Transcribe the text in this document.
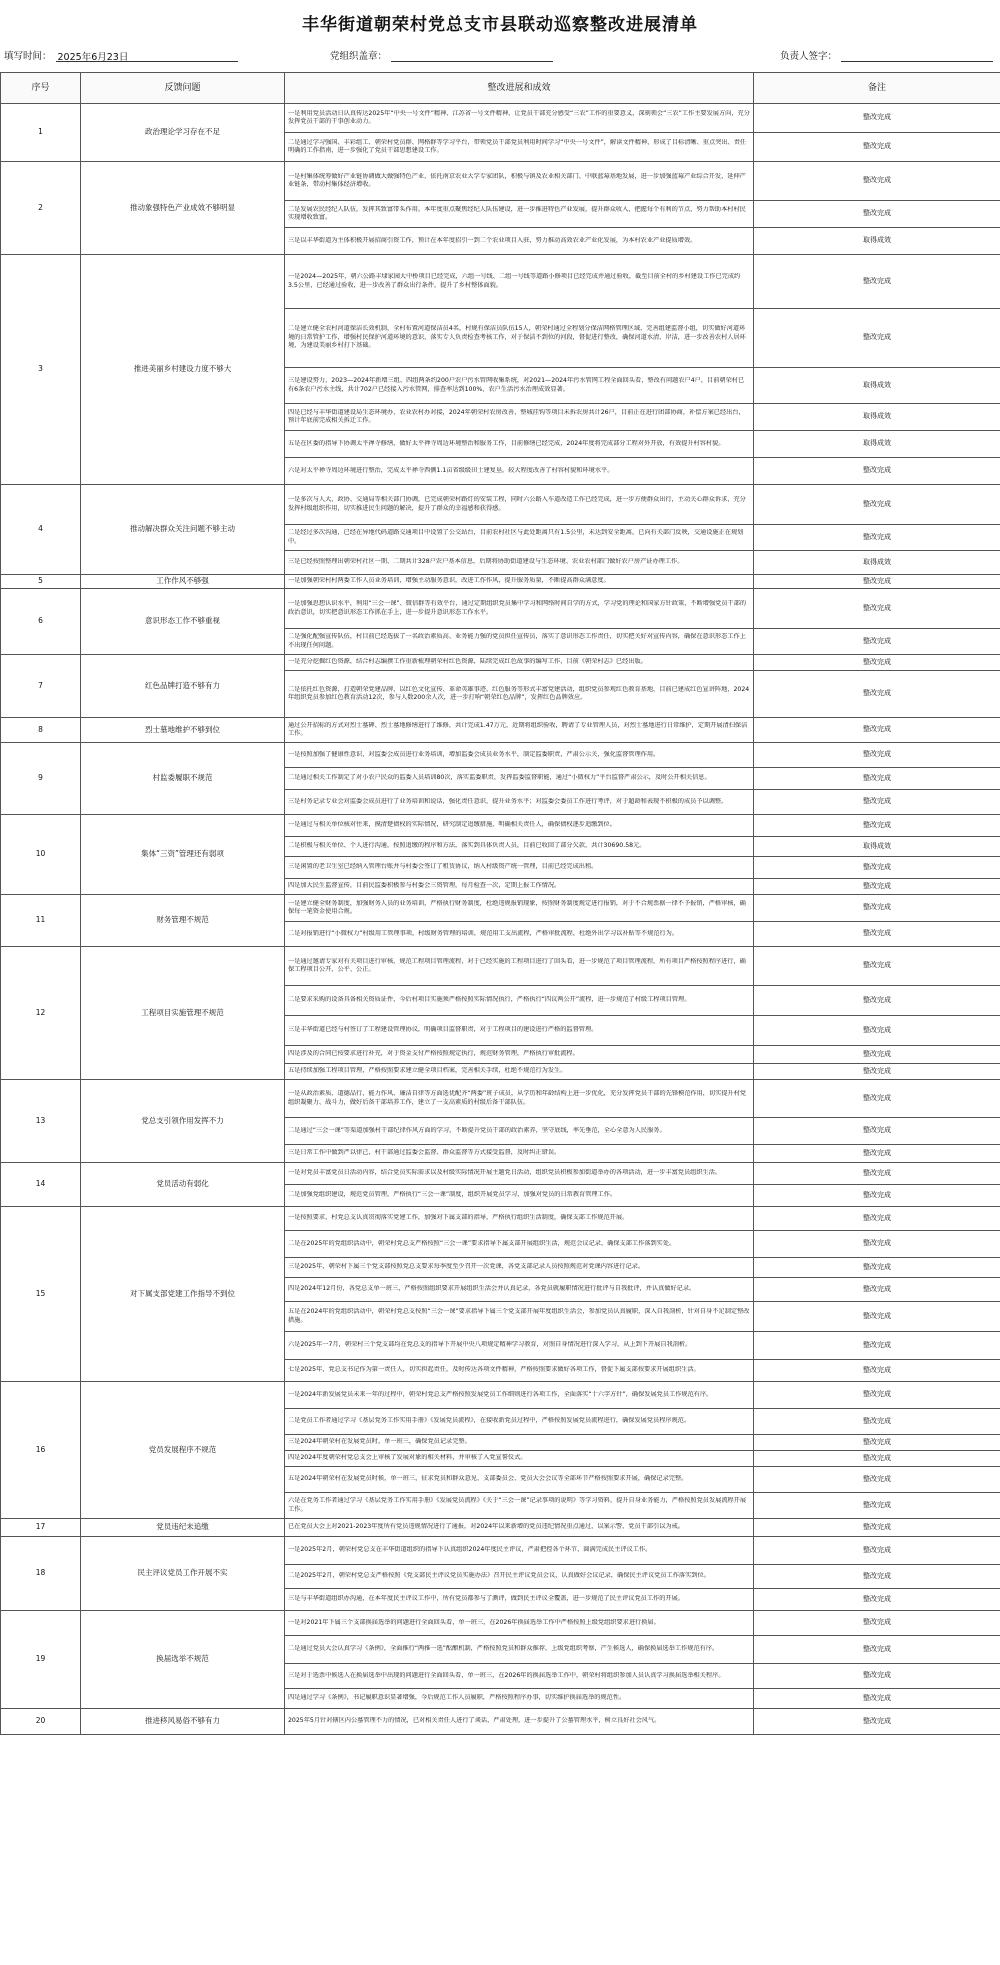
丰华街道朝荣村党总支市县联动巡察整改进展清单
填写时间： 2025年6月23日	党组织盖章：	负责人签字：
序号	反馈问题	整改进展和成效	备注
1	政治理论学习存在不足	一是利用党员活动日认真传达2025年“中央一号文件”精神、江苏省一号文件精神，让党员干部充分感受“三农”工作的重要意义，深刻领会“三农”工作主要发展方向，充分发挥党员干部的干事创业动力。	整改完成

		二是通过学习强国、丰彩组工、朝荣村党员群、网格群等学习平台，带领党员干部党员利用时间学习“中央一号文件”，解读文件精神，形成了目标清晰、重点突出、责任明确的工作指南，进一步强化了党员干部思想建设工作。	整改完成
2	推动象强特色产业成效不够明显	一是村集体统筹做好产业链协调做大做强特色产业，依托南京农业大学专家团队，积极与镇及农业相关部门、中联蓝莓基地发展，进一步加强蓝莓产业综合开发，延伸产业链条，带动村集体经济增收。	整改完成

		二是发展农民经纪人队伍，发挥其致富带头作用。本年度重点聚焦经纪人队伍建设，进一步推进特色产业发展，提升群众收入，把握每个有利的节点，努力帮助本村村民实现增收致富。	整改完成

		三是以丰华街道为主体积极开展招商引资工作，预计在本年度招引一到二个农业项目入驻，努力推动高效农业产业化发展，为本村农业产业提质增效。	取得成效
3	推进美丽乡村建设力度不够大	一是2024—2025年，朝六公路丰埭家园大中桥项目已经完成，六组一号线、二组一号线等道路小修项目已经完成并通过验收，截至目前全村的乡村建设工作已完成约3.5公里，已经通过验收，进一步改善了群众出行条件，提升了乡村整体面貌。	整改完成

		二是建立健全农村河道保洁长效机制，全村布置河道保洁员4名，村规有保洁员队伍15人，朝荣村通过全程划分保洁网格管理区域，完善组建监督小组，切实做好河道环境的日常管护工作，增强村民保护河道环境的意识，落实专人负责检查考核工作，对于保洁不到位的河段，督促进行整改，确保河道水清、岸洁，进一步改善农村人居环境，为建设美丽乡村打下基础。	整改完成

		三是建设努力，2023—2024年新增三组、四组两条约200户农户污水管网收集系统，对2021—2024年污水管网工程全面回头看，整改有问题农户4户，目前朝荣村已有6条农户污水主线，共计702户已经接入污水管网，排查率达到100%，农户生活污水治理成效显著。	取得成效

		四是已经与丰华街道建设局生态环境办、农业农村办对接，2024年朝荣村农房改善、整城挂钩等项目未拆农房共计26户，目前正在进行团部协商，补偿方案已经出台，预计年底前完成相关拆迁工作。	取得成效

		五是在区委的指导下协调太平禅寺修缮，做好太平禅寺周边环境整治和服务工作，目前修缮已经完成，2024年度将完成部分工程对外开放，有效提升村容村貌。	取得成效

		六是对太平禅寺周边环境进行整治，完成太平禅寺西侧1.1亩省级级田土建复垦，较大程度改善了村容村貌和环境水平。	整改完成
4	推动解决群众关注问题不够主动	一是多次与人大、政协、交通局等相关部门协调，已完成朝荣村路灯的安装工程，同时六公路入车道改造工作已经完成，进一步方便群众出行，主动关心群众诉求，充分发挥村级组织作用，切实推进民生问题的解决，提升了群众的幸福感和获得感。	整改完成

		二是经过多次沟通，已经在异地代码道路交通项目中设置了公交站台，目前农村社区与此处距离只有1.5公里，未达到安全距离，已向有关部门反映，交通设施正在规划中。	整改完成

		三是已经按照整理出朝荣村社区一期、二期共计328户农户基本信息，后期将协助街道建设与生态环境、农业农村部门做好农户房产证办理工作。	取得成效
5	工作作风不够强	一是加强朝荣村村两委工作人员业务培训，增强主动服务意识，改进工作作风，提升服务质量，不断提高群众满意度。	整改完成
6	意识形态工作不够重视	一是加强思想认识水平，利用“三会一课”、微信群等有效平台，通过定期组织党员集中学习和网络时间自学的方式，学习党的理论和国家方针政策，不断增强党员干部的政治意识，切实把意识形态工作抓在手上，进一步提升意识形态工作水平。	整改完成

		二是强化配强宣传队伍，村目前已经选拔了一名政治素质高、业务能力强的党员担任宣传员，落实了意识形态工作责任，切实把关好对宣传内容，确保在意识形态工作上不出现任何问题。	整改完成
7	红色品牌打造不够有力	一是充分挖掘红色资源，结合村志编撰工作重新梳理朝荣村红色资源，陆续完成红色故事的编写工作，目前《朝荣村志》已经出版。	整改完成

		二是依托红色资源，打造朝荣党建品牌，以红色文化宣传、革命英雄事迹、红色服务等形式丰富党建活动，组织党员参观红色教育基地，目前已建成红色宣讲阵地，2024年组织党员参加红色教育活动12次，参与人数200余人次，进一步打响“朝荣红色品牌”，发挥红色品牌效应。	整改完成
8	烈士墓地维护不够到位	通过公开招标的方式对烈士墓碑、烈士墓地修缮进行了维修，共计完成1.47万元，近期将组织验收，聘请了专业管理人员，对烈士墓地进行日常维护，定期开展清扫保洁工作。	整改完成
9	村监委履职不规范	一是按照加强了健康性意识，对监委会成员进行业务培训，增加监委会成员业务水平，制定监委职责，严肃公示关，强化监督管理作用。	整改完成

		二是通过相关工作制定了对小农户民众的监委人员培训80次，落实监委职责，发挥监委监督职能，通过“小微权力”平台监督严肃公示，及时公开相关信息。	整改完成

		三是村务记录专业会对监委会成员进行了业务培训和说话，强化责任意识，提升业务水平；对监委会委员工作进行考评，对于超龄和表现不积极的成员予以调整。	整改完成
10	集体“三资”管理还有弱项	一是通过与相关单位核对往来，摸清楚债权的实际情况，研究制定追缴措施，明确相关责任人，确保债权逐步追缴到位。	整改完成

		二是积极与相关单位、个人进行沟通，按照追缴的程序和方法，落实到具体负责人员，目前已收回了部分欠款，共计30690.58元。	取得成效

		三是闲置的老卫生室已经纳入管理台账并与村委会签订了租赁协议，纳入村级资产统一管理，目前已经完成出租。	整改完成

		四是加大民生监督宣传，目前民监委积极参与村委会三资管理，每月检查一次，定期上报工作情况。	整改完成
11	财务管理不规范	一是建立健全财务制度，加强财务人员的业务培训，严格执行财务制度，杜绝违规报销现象，按照财务制度规定进行报销，对于不合规票据一律不予报销，严格审核，确保每一笔资金使用合规。	整改完成

		二是对报销进行“小微权力”村级用工管理事项，村级财务管理的培训，规范用工支出流程，严格审批流程，杜绝外出学习以补贴等不规范行为。	整改完成
12	工程项目实施管理不规范	一是通过邀请专家对有关项目进行审核，规范工程项目管理流程，对于已经实施的工程项目进行了回头看，进一步规范了项目管理流程，所有项目严格按照程序进行，确保工程项目公开、公平、公正。	整改完成

		二是要求采购的设备具备相关资质证件，今后村项目实施须严格按照实际情况执行，严格执行“四议两公开”流程，进一步规范了村级工程项目管理。	整改完成

		三是丰华街道已经与村签订了工程建设管理协议，明确项目监督职责，对于工程项目的建设进行严格的监督管理。	整改完成

		四是涉及的合同已按要求进行补充，对于资金支付严格按照规定执行，规范财务管理，严格执行审批流程。	整改完成

		五是持续加强工程项目管理，严格按照要求建立健全项目档案，完善相关手续，杜绝不规范行为发生。	整改完成
13	党总支引领作用发挥不力	一是从政治素质、道德品行、能力作风、廉洁自律等方面选优配齐“两委”班子成员，从学历和年龄结构上进一步优化，充分发挥党员干部的先锋模范作用，切实提升村党组织凝聚力、战斗力，做好后备干部培养工作，建立了一支高素质的村级后备干部队伍。	整改完成

		二是通过“三会一课”等渠道加强村干部纪律作风方面的学习，不断提升党员干部的政治素养，坚守底线，率先垂范，全心全意为人民服务。	整改完成

		三是日常工作中做到严以律己，村干部通过监委会监督、群众监督等方式接受监督，及时纠正错误。	整改完成
14	党员活动有弱化	一是对党员丰富党员日活动内容，结合党员实际需求以及村级实际情况开展主题党日活动，组织党员积极参加街道举办的各项活动，进一步丰富党员组织生活。	整改完成

		二是加强党组织建设，规范党员管理，严格执行“三会一课”制度，组织开展党员学习，加强对党员的日常教育管理工作。	整改完成
15	对下属支部党建工作指导不到位	一是按照要求，村党总支认真贯彻落实党建工作，加强对下属支部的指导，严格执行组织生活制度，确保支部工作规范开展。	整改完成

		二是在2025年的党组织活动中，朝荣村党总支严格按照“三会一课”要求指导下属支部开展组织生活，规范会议记录，确保支部工作落到实处。	整改完成

		三是2025年，朝荣村下属三个党支部按照党总支要求每季度至少召开一次党课，各党支部记录人员按照规范对党课内容进行记录。	整改完成

		四是2024年12月份，各党总支单一班三，严格按照组织要求开展组织生活会并认真记录，各党员就履职情况进行批评与自我批评，并认真做好记录。	整改完成

		五是在2024年的党组织活动中，朝荣村党总支按照“三会一课”要求指导下属三个党支部开展年度组织生活会，参加党员认真履职，深入自我剖析，针对自身不足制定整改措施。	整改完成

		六是2025年一7月，朝荣村三个党支部均在党总支的指导下开展中央八项规定精神学习教育，对照自身情况进行深入学习，从上到下开展自我剖析。	整改完成

		七是2025年，党总支书记作为第一责任人，切实担起责任，及时传达各项文件精神，严格按照要求做好各项工作，督促下属支部按要求开展组织生活。	整改完成
16	党员发展程序不规范	一是2024年新发展党员未来一年的过程中，朝荣村党总支严格按照发展党员工作细则进行各项工作，全面落实“十六字方针”，确保发展党员工作规范有序。	整改完成

		二是党员工作者通过学习《基层党务工作实用手册》《发展党员流程》，在接收新党员过程中，严格按照发展党员流程进行，确保发展党员程序规范。	整改完成

		三是2024年朝荣村在发展党员时，单一班三，确保党员记录完整。	整改完成

		四是2024年度朝荣村党总支会上审核了发展对象的相关材料，并审核了入党宣誓仪式。	整改完成

		五是2024年朝荣村在发展党员时候，单一班三，征求党员和群众意见、支部委员会、党员大会会议等全部环节严格按照要求开展，确保记录完整。	整改完成

		六是在党务工作者通过学习《基层党务工作实用手册》《发展党员流程》《关于“三会一课”记录事项的说明》等学习资料，提升自身业务能力，严格按照党员发展流程开展工作。	整改完成
17	党员违纪未追缴	已在党员大会上对2021-2023年度所有党员违规情况进行了通报，对2024年以来新增的党员违纪情况重点通过，以案示警，党员干部引以为戒。	整改完成
18	民主评议党员工作开展不实	一是2025年2月，朝荣村党总支在丰华街道组织的指导下认真组织2024年度民主评议，严肃把控各个环节，圆满完成民主评议工作。	整改完成

		二是2025年2月，朝荣村党总支严格按照《党支部民主评议党员实施办法》召开民主评议党员会议，认真做好会议记录，确保民主评议党员工作落实到位。	整改完成

		三是与丰华街道组织办沟通，在本年度民主评议工作中，所有党员都参与了测评，做到民主评议全覆盖，进一步规范了民主评议党员工作的开展。	整改完成
19	换届选举不规范	一是对2021年下属三个支部换届选举的问题进行全面回头看，单一班三，在2026年换届选举工作中严格按照上级党组织要求进行换届。	整改完成

		二是通过党员大会认真学习《条例》，全面推行“两推一选”酝酿机制，严格按照党员和群众推荐，上级党组织考察，产生候选人，确保换届选举工作规范有序。	整改完成

		三是对于选票中候选人在换届选举中出现的问题进行全面回头看，单一班三，在2026年的换届选举工作中，朝荣村将组织参加人员认真学习换届选举相关程序。	整改完成

		四是通过学习《条例》，书记履职意识显著增强，今后规范工作人员履职，严格按照程序办事，切实维护换届选举的规范性。	整改完成
20	推进移风易俗不够有力	2025年5月针对辖区内公墓管理不力的情况，已对相关责任人进行了谈话，严肃处理，进一步提升了公墓管理水平，树立良好社会风气。	整改完成
